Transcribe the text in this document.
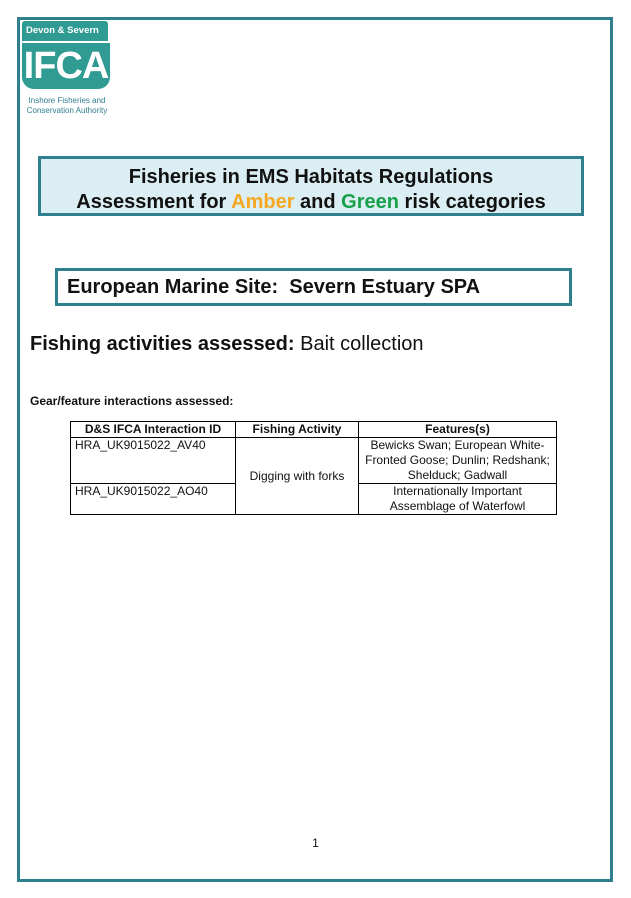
Devon & Severn
IFCA
Inshore Fisheries and
Conservation Authority
Fisheries in EMS Habitats Regulations
Assessment for Amber and Green risk categories
European Marine Site:  Severn Estuary SPA
Fishing activities assessed: Bait collection
Gear/feature interactions assessed:
D&S IFCA Interaction ID	Fishing Activity	Features(s)
HRA_UK9015022_AV40	Digging with forks	Bewicks Swan; European White-Fronted Goose; Dunlin; Redshank; Shelduck; Gadwall
HRA_UK9015022_AO40		Internationally Important Assemblage of Waterfowl
1
